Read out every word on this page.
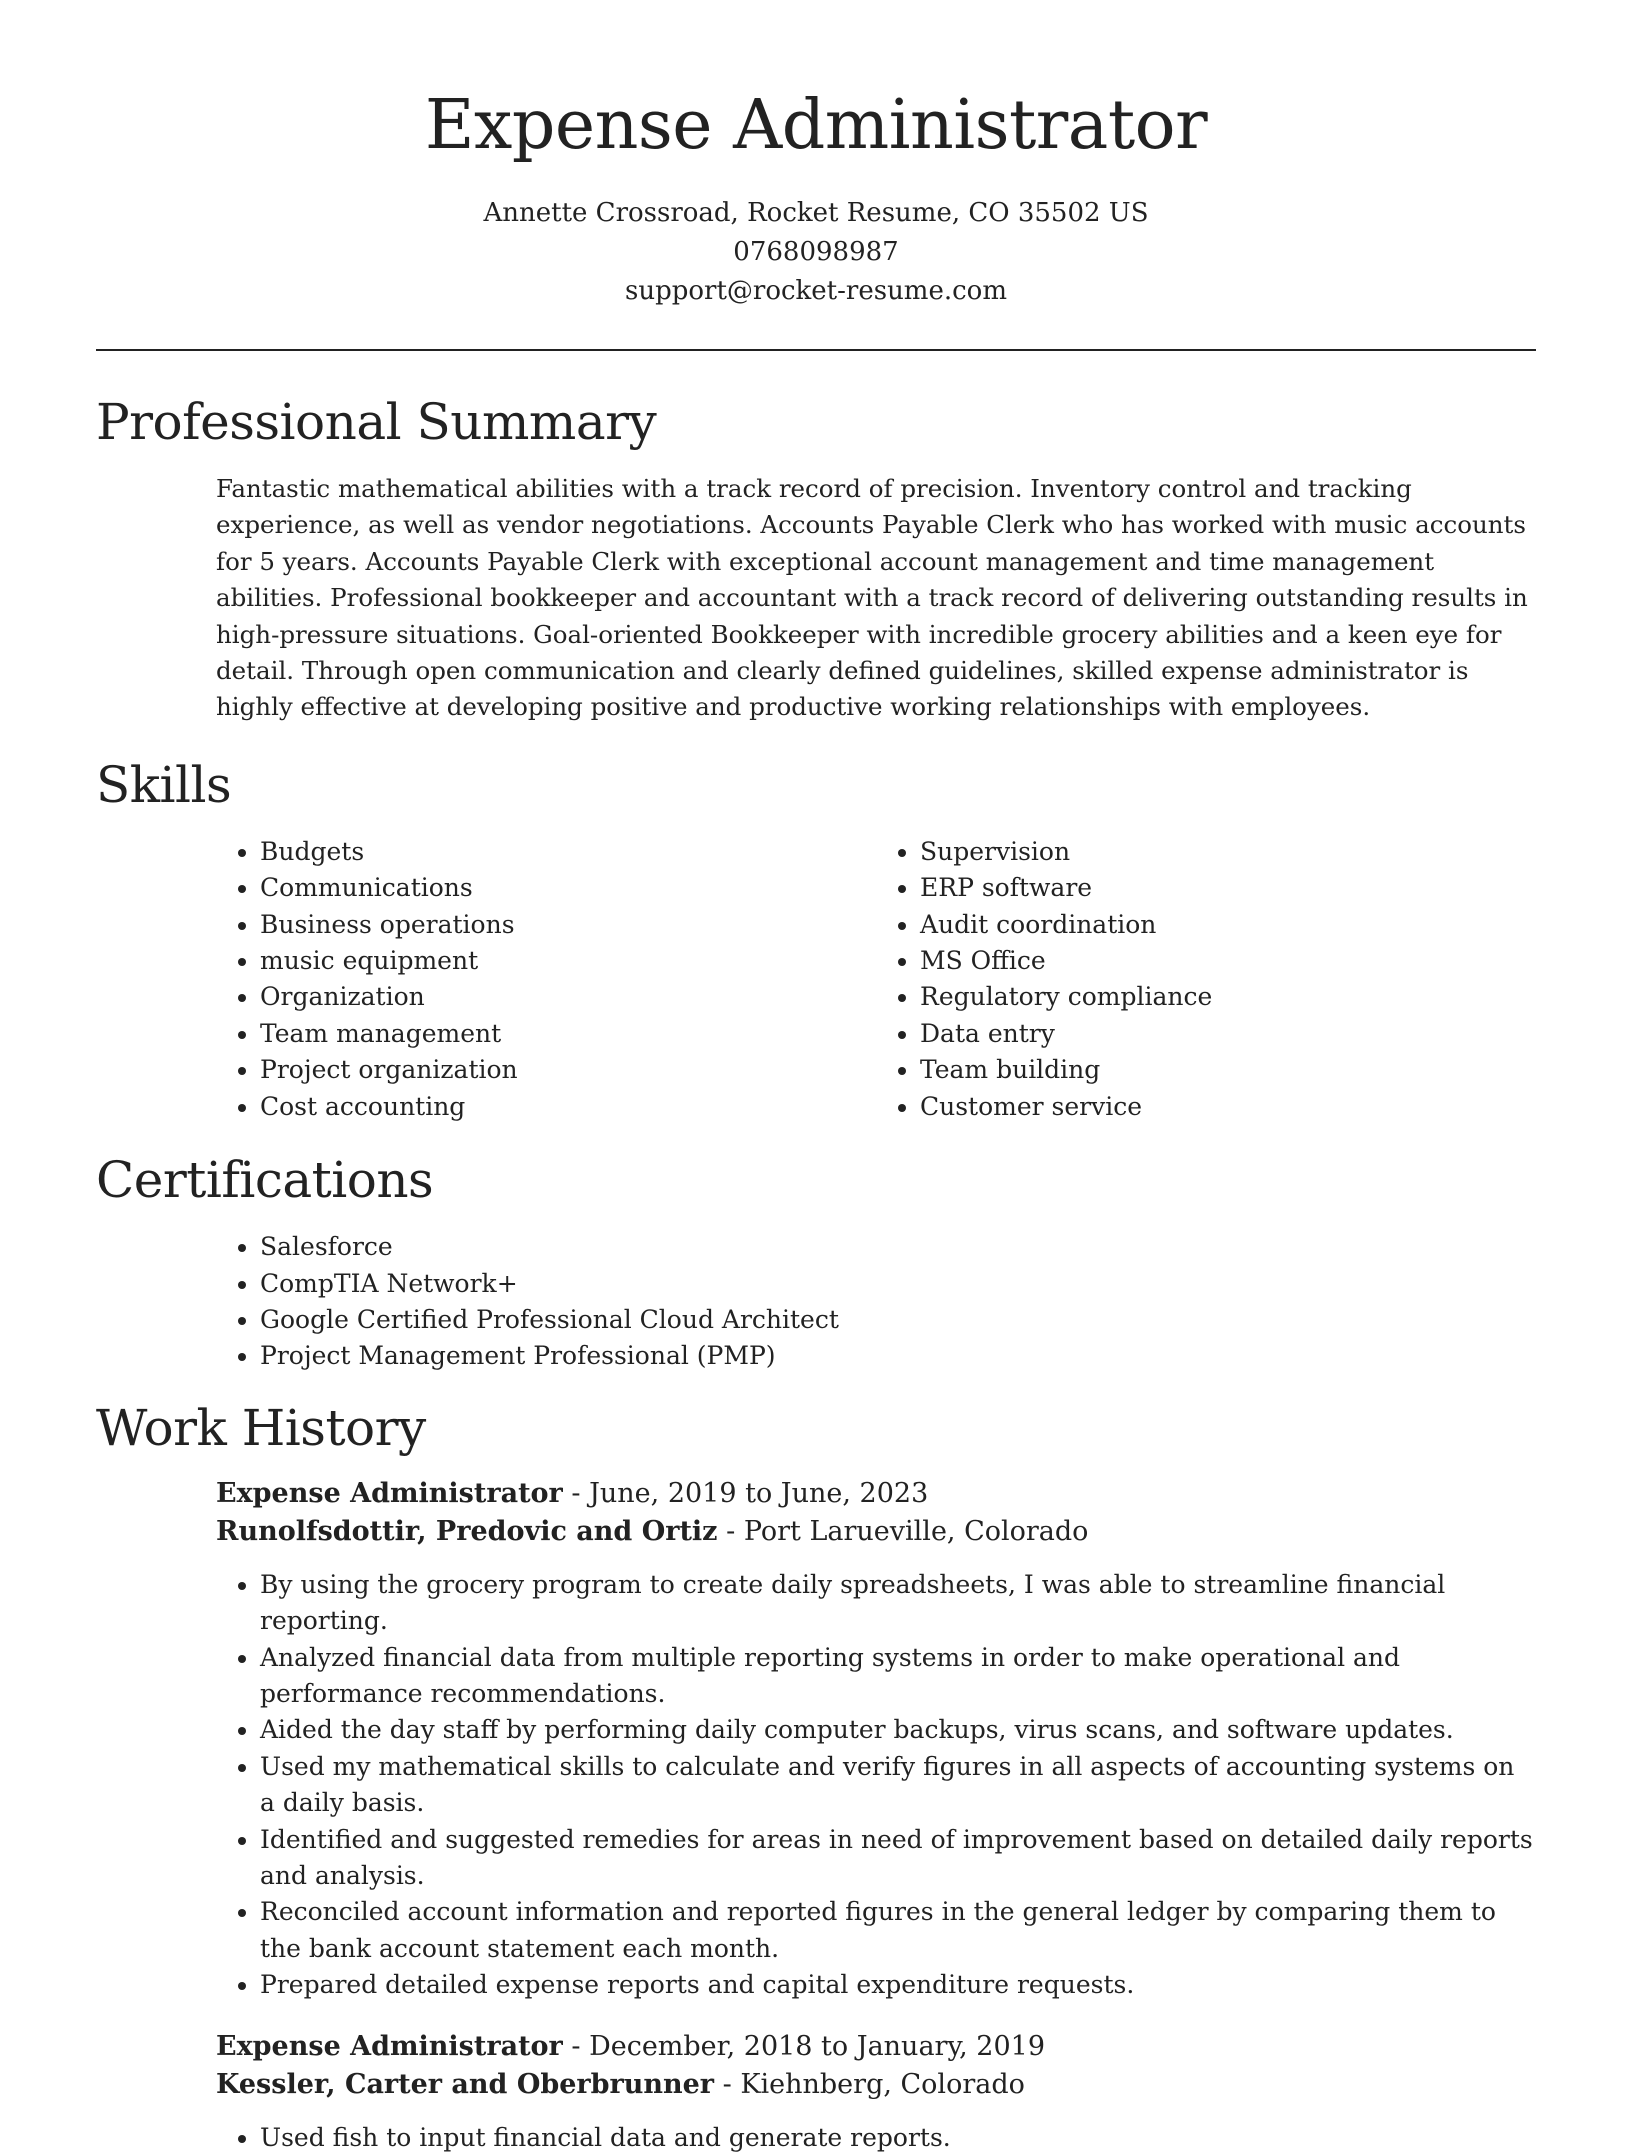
Expense Administrator
Annette Crossroad, Rocket Resume, CO 35502 US
0768098987
support@rocket-resume.com
Professional Summary

Fantastic mathematical abilities with a track record of precision. Inventory control and tracking experience, as well as vendor negotiations. Accounts Payable Clerk who has worked with music accounts for 5 years. Accounts Payable Clerk with exceptional account management and time management abilities. Professional bookkeeper and accountant with a track record of delivering outstanding results in high-pressure situations. Goal-oriented Bookkeeper with incredible grocery abilities and a keen eye for detail. Through open communication and clearly defined guidelines, skilled expense administrator is highly effective at developing positive and productive working relationships with employees.

Skills
• Budgets
• Communications
• Business operations
• music equipment
• Organization
• Team management
• Project organization
• Cost accounting
• Supervision
• ERP software
• Audit coordination
• MS Office
• Regulatory compliance
• Data entry
• Team building
• Customer service
Certifications
• Salesforce
• CompTIA Network+
• Google Certified Professional Cloud Architect
• Project Management Professional (PMP)
Work History
Expense Administrator - June, 2019 to June, 2023
Runolfsdottir, Predovic and Ortiz - Port Larueville, Colorado
• By using the grocery program to create daily spreadsheets, I was able to streamline financial reporting.
• Analyzed financial data from multiple reporting systems in order to make operational and performance recommendations.
• Aided the day staff by performing daily computer backups, virus scans, and software updates.
• Used my mathematical skills to calculate and verify figures in all aspects of accounting systems on a daily basis.
• Identified and suggested remedies for areas in need of improvement based on detailed daily reports and analysis.
• Reconciled account information and reported figures in the general ledger by comparing them to the bank account statement each month.
• Prepared detailed expense reports and capital expenditure requests.
Expense Administrator - December, 2018 to January, 2019
Kessler, Carter and Oberbrunner - Kiehnberg, Colorado
• Used fish to input financial data and generate reports.
